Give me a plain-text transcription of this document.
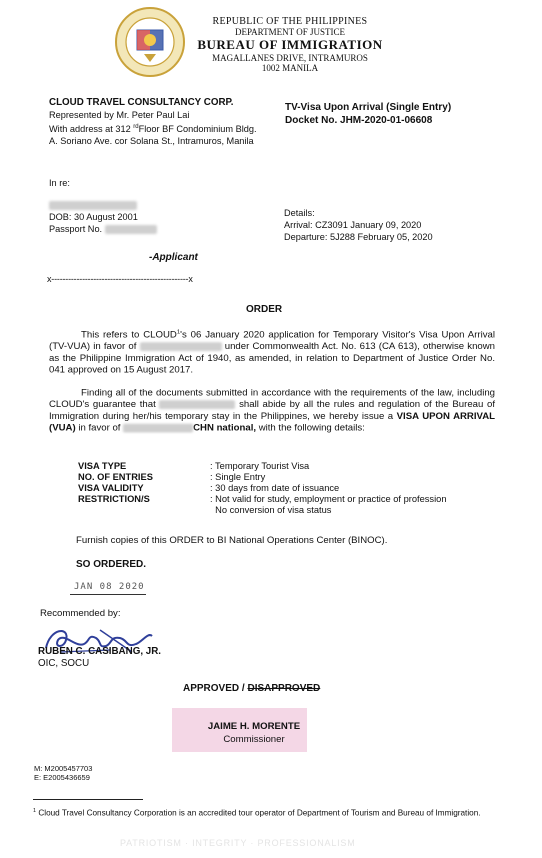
REPUBLIC OF THE PHILIPPINES
DEPARTMENT OF JUSTICE
BUREAU OF IMMIGRATION
MAGALLANES DRIVE, INTRAMUROS
1002 MANILA
CLOUD TRAVEL CONSULTANCY CORP.
Represented by Mr. Peter Paul Lai
With address at 312 $^{rd}$Floor BF Condominium Bldg.
A. Soriano Ave. cor Solana St., Intramuros, Manila
TV-Visa Upon Arrival (Single Entry)
Docket No. JHM-2020-01-06608
In re:
DOB: 30 August 2001
Passport No.
Details:
Arrival: CZ3091 January 09, 2020
Departure: 5J288 February 05, 2020
-Applicant
x-------------------------------------------------x
ORDER
This refers to CLOUD$^1$'s 06 January 2020 application for Temporary Visitor's Visa Upon Arrival (TV-VUA) in favor of	under Commonwealth Act. No. 613 (CA 613), otherwise known as the Philippine Immigration Act of 1940, as amended, in relation to Department of Justice Order No. 041 approved on 15 August 2017.
Finding all of the documents submitted in accordance with the requirements of the law, including CLOUD's guarantee that	shall abide by all the rules and regulation of the Bureau of Immigration during her/his temporary stay in the Philippines, we hereby issue a VISA UPON ARRIVAL (VUA) in favor of	CHN national, with the following details:
VISA TYPE	: Temporary Tourist Visa
NO. OF ENTRIES	: Single Entry
VISA VALIDITY	: 30 days from date of issuance
RESTRICTION/S	: Not valid for study, employment or practice of profession
No conversion of visa status
Furnish copies of this ORDER to BI National Operations Center (BINOC).
SO ORDERED.
JAN 08 2020
Recommended by:
RUBEN C. CASIBANG, JR.
OIC, SOCU
APPROVED / DISAPPROVED
JAIME H. MORENTE
Commissioner
M: M2005457703
E: E2005436659
$^1$ Cloud Travel Consultancy Corporation is an accredited tour operator of Department of Tourism and Bureau of Immigration.
PATRIOTISM · INTEGRITY · PROFESSIONALISM
